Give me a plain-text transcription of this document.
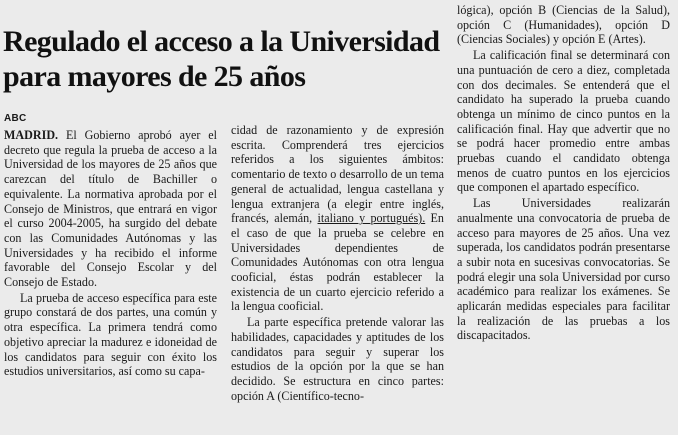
Regulado el acceso a la Universidad
para mayores de 25 años
ABC

MADRID. El Gobierno aprobó ayer el decreto que regula la prueba de acceso a la Universidad de los mayores de 25 años que carezcan del título de Bachiller o equivalente. La normativa aprobada por el Consejo de Ministros, que entrará en vigor el curso 2004-2005, ha surgido del debate con las Comunidades Autónomas y las Universidades y ha recibido el informe favorable del Consejo Escolar y del Consejo de Estado.

La prueba de acceso específica para este grupo constará de dos partes, una común y otra específica. La primera tendrá como objetivo apreciar la madurez e idoneidad de los candidatos para seguir con éxito los estudios universitarios, así como su capa-

cidad de razonamiento y de expresión escrita. Comprenderá tres ejercicios referidos a los siguientes ámbitos: comentario de texto o desarrollo de un tema general de actualidad, lengua castellana y lengua extranjera (a elegir entre inglés, francés, alemán, italiano y portugués). En el caso de que la prueba se celebre en Universidades dependientes de Comunidades Autónomas con otra lengua cooficial, éstas podrán establecer la existencia de un cuarto ejercicio referido a la lengua cooficial.

La parte específica pretende valorar las habilidades, capacidades y aptitudes de los candidatos para seguir y superar los estudios de la opción por la que se han decidido. Se estructura en cinco partes: opción A (Científico-tecno-

lógica), opción B (Ciencias de la Salud), opción C (Humanidades), opción D (Ciencias Sociales) y opción E (Artes).

La calificación final se determinará con una puntuación de cero a diez, completada con dos decimales. Se entenderá que el candidato ha superado la prueba cuando obtenga un mínimo de cinco puntos en la calificación final. Hay que advertir que no se podrá hacer promedio entre ambas pruebas cuando el candidato obtenga menos de cuatro puntos en los ejercicios que componen el apartado específico.

Las Universidades realizarán anualmente una convocatoria de prueba de acceso para mayores de 25 años. Una vez superada, los candidatos podrán presentarse a subir nota en sucesivas convocatorias. Se podrá elegir una sola Universidad por curso académico para realizar los exámenes. Se aplicarán medidas especiales para facilitar la realización de las pruebas a los discapacitados.
